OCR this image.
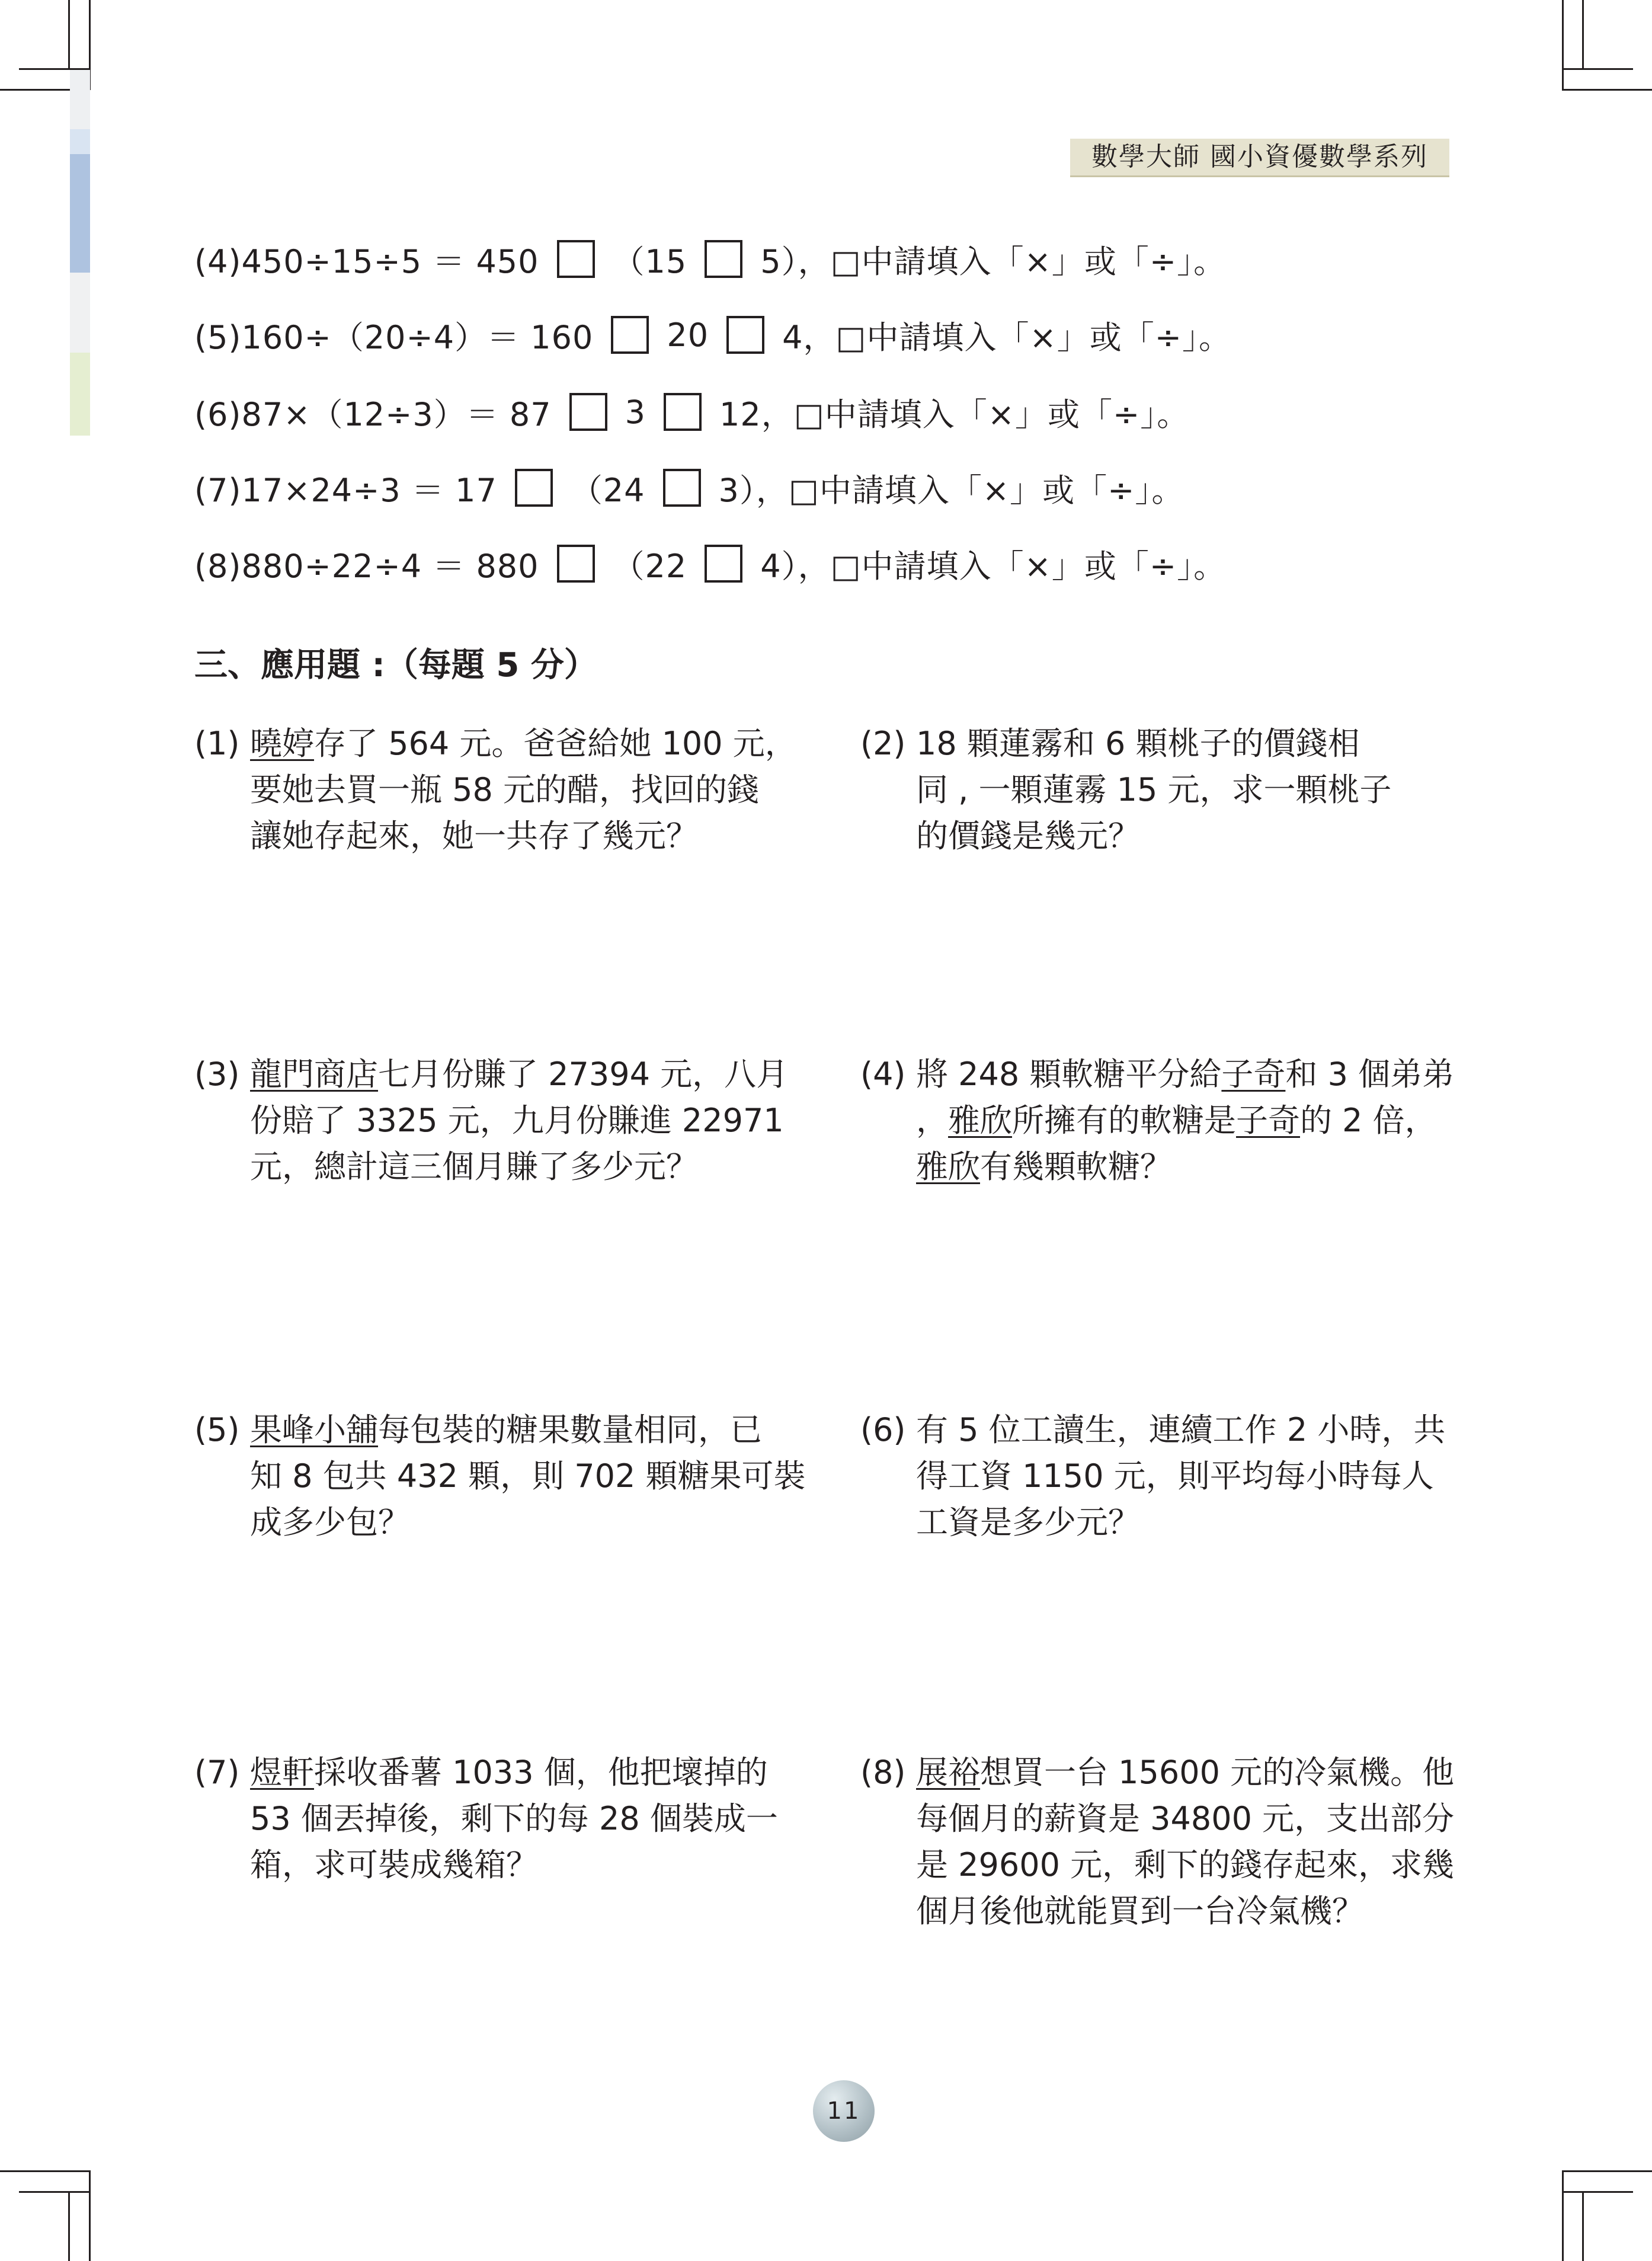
數學大師 國小資優數學系列
(4)450÷15÷5 ＝ 450 （15 5），□中請填入「×」或「÷」。
(5)160÷（20÷4）＝ 160 20 4，□中請填入「×」或「÷」。
(6)87×（12÷3）＝ 87 3 12，□中請填入「×」或「÷」。
(7)17×24÷3 ＝ 17 （24 3），□中請填入「×」或「÷」。
(8)880÷22÷4 ＝ 880 （22 4），□中請填入「×」或「÷」。
三、應用題 :（每題 5 分）
(1) 曉婷存了 564 元。爸爸給她 100 元，
要她去買一瓶 58 元的醋，找回的錢
讓她存起來，她一共存了幾元？
(2) 18 顆蓮霧和 6 顆桃子的價錢相
同 , 一顆蓮霧 15 元，求一顆桃子
的價錢是幾元？
(3) 龍門商店七月份賺了 27394 元，八月
份賠了 3325 元，九月份賺進 22971
元，總計這三個月賺了多少元？
(4) 將 248 顆軟糖平分給子奇和 3 個弟弟
，雅欣所擁有的軟糖是子奇的 2 倍，
雅欣有幾顆軟糖？
(5) 果峰小舖每包裝的糖果數量相同，已
知 8 包共 432 顆，則 702 顆糖果可裝
成多少包？
(6) 有 5 位工讀生，連續工作 2 小時，共
得工資 1150 元，則平均每小時每人
工資是多少元？
(7) 煜軒採收番薯 1033 個，他把壞掉的
53 個丟掉後，剩下的每 28 個裝成一
箱，求可裝成幾箱？
(8) 展裕想買一台 15600 元的冷氣機。他
每個月的薪資是 34800 元，支出部分
是 29600 元，剩下的錢存起來，求幾
個月後他就能買到一台冷氣機？
11
